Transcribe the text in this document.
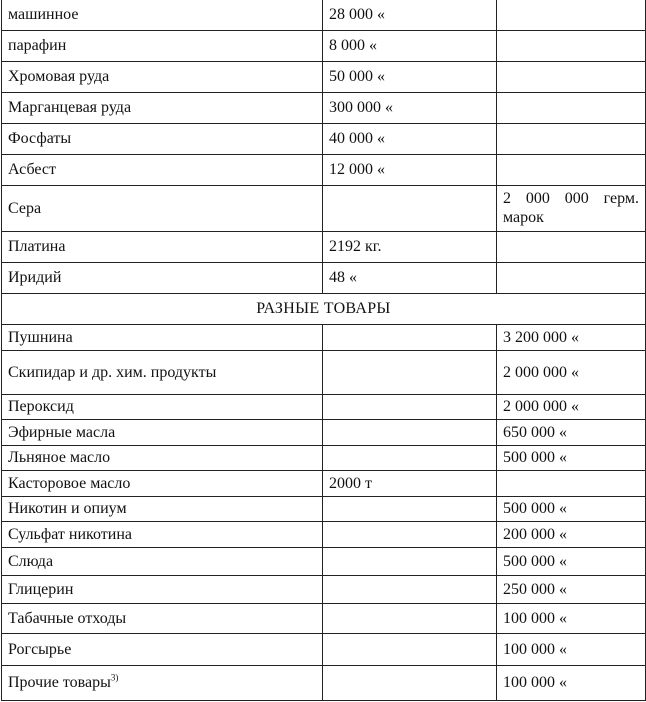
машинное	28 000 «	
парафин	8 000 «	
Хромовая руда	50 000 «	
Марганцевая руда	300 000 «	
Фосфаты	40 000 «	
Асбест	12 000 «	
Сера		2 000 000 герм. марок
Платина	2192 кг.	
Иридий	48 «	
РАЗНЫЕ ТОВАРЫ		
Пушнина		3 200 000 «
Скипидар и др. хим. продукты		2 000 000 «
Пероксид		2 000 000 «
Эфирные масла		650 000 «
Льняное масло		500 000 «
Касторовое масло	2000 т	
Никотин и опиум		500 000 «
Сульфат никотина		200 000 «
Слюда		500 000 «
Глицерин		250 000 «
Табачные отходы		100 000 «
Рогсырье		100 000 «
Прочие товары$^{3)}$		100 000 «
